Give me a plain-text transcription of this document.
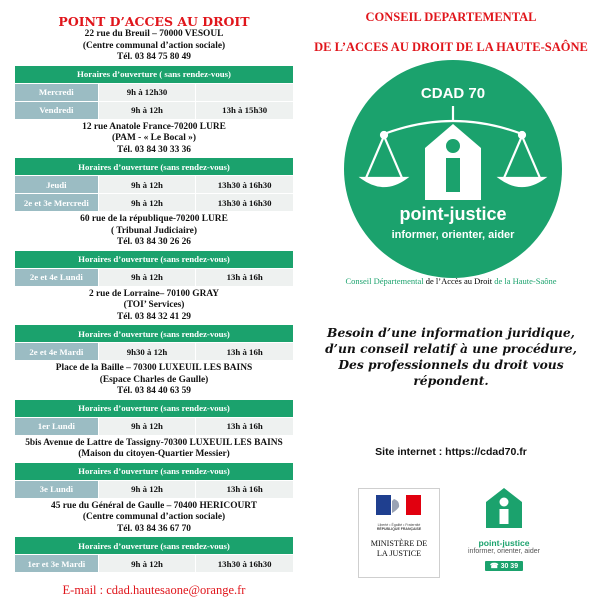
POINT D’ACCES AU DROIT

22 rue du Breuil – 70000 VESOUL
(Centre communal d’action sociale)
Tél. 03 84 75 80 49
Horaires d’ouverture ( sans rendez-vous)		
Mercredi	9h à 12h30	
Vendredi	9h à 12h	13h à 15h30
12 rue Anatole France-70200 LURE
(PAM - « Le Bocal »)
Tél. 03 84 30 33 36
Horaires d’ouverture (sans rendez-vous)		
Jeudi	9h à 12h	13h30 à 16h30
2e et 3e Mercredi	9h à 12h	13h30 à 16h30
60 rue de la république-70200 LURE
( Tribunal Judiciaire)
Tél. 03 84 30 26 26
Horaires d’ouverture (sans rendez-vous)
2e et 4e Lundi	9h à 12h	13h à 16h
2 rue de Lorraine– 70100 GRAY
(TOI’ Services)
Tél. 03 84 32 41 29
Horaires d’ouverture (sans rendez-vous)
2e et 4e Mardi	9h30 à 12h	13h à 16h
Place de la Baille – 70300 LUXEUIL LES BAINS
(Espace Charles de Gaulle)
Tél. 03 84 40 63 59
Horaires d’ouverture (sans rendez-vous)
1er Lundi	9h à 12h	13h à 16h
5bis Avenue de Lattre de Tassigny-70300 LUXEUIL LES BAINS
(Maison du citoyen-Quartier Messier)
Horaires d’ouverture (sans rendez-vous)
3e Lundi	9h à 12h	13h à 16h
45 rue du Général de Gaulle – 70400 HERICOURT
(Centre communal d’action sociale)
Tél. 03 84 36 67 70
Horaires d’ouverture (sans rendez-vous)
1er et 3e Mardi	9h à 12h	13h30 à 16h30
E-mail : cdad.hautesaone@orange.fr
CONSEIL DEPARTEMENTAL
DE L’ACCES AU DROIT DE LA HAUTE-SAÔNE
CDAD 70
point-justice
informer, orienter, aider
Conseil Départemental de l’Accès au Droit de la Haute-Saône
Besoin d’une information juridique,
d’un conseil relatif à une procédure,
Des professionnels du droit vous
répondent.
Site internet : https://cdad70.fr
Liberté • Égalité • Fraternité
RÉPUBLIQUE FRANÇAISE
MINISTÈRE DE
LA JUSTICE
point-justice
informer, orienter, aider
☎ 30 39
